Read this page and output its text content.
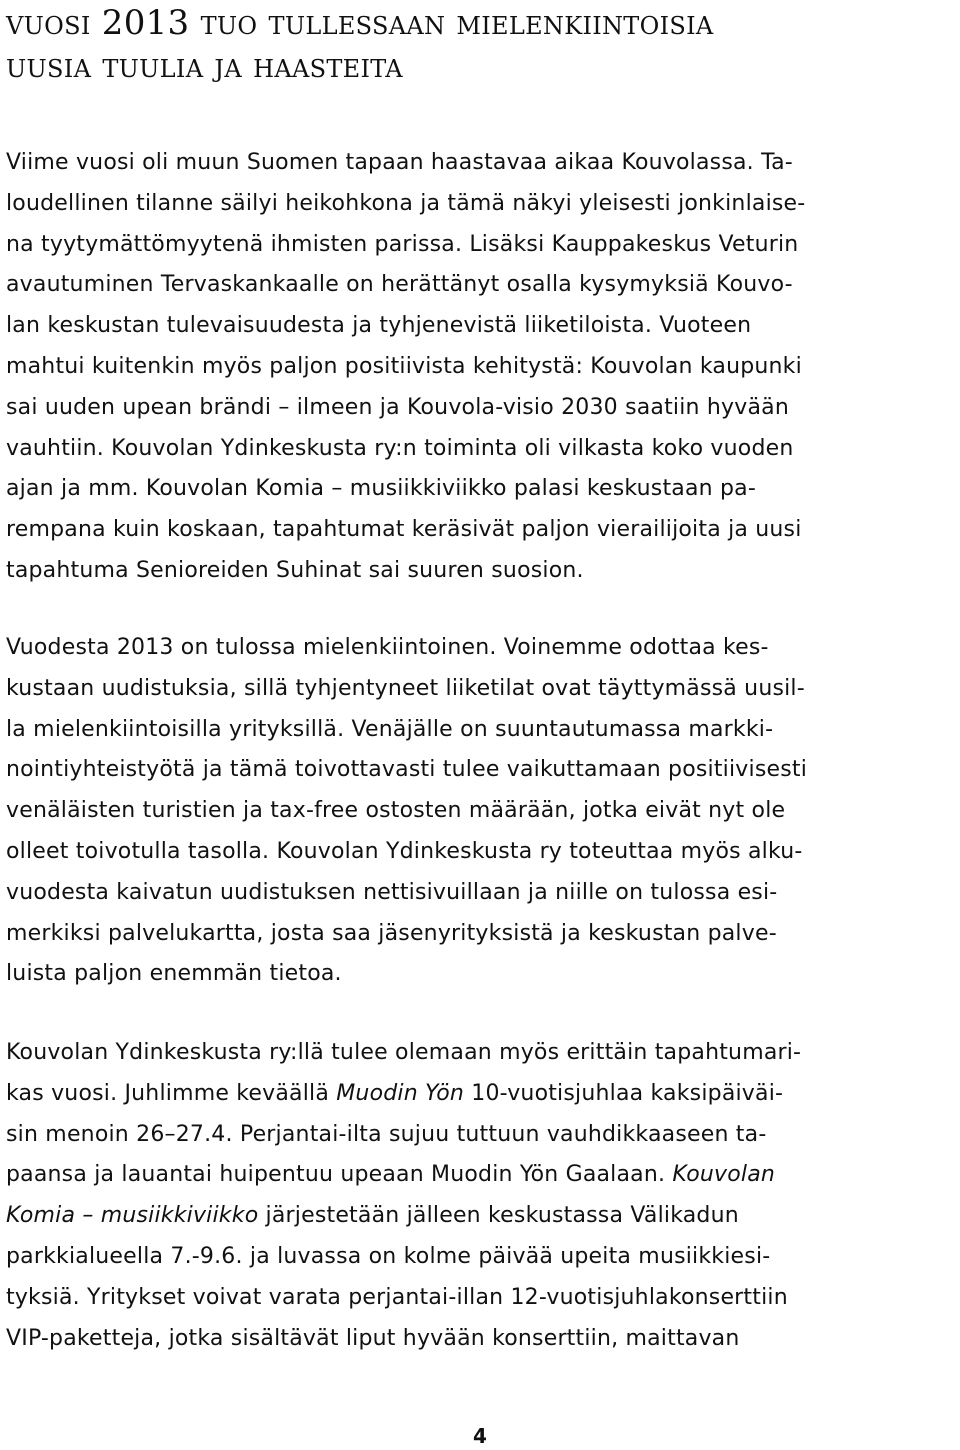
vuosi 2013 tuo tullessaan mielenkiintoisia
uusia tuulia ja haasteita
Viime vuosi oli muun Suomen tapaan haastavaa aikaa Kouvolassa. Ta-
loudellinen tilanne säilyi heikohkona ja tämä näkyi yleisesti jonkinlaise-
na tyytymättömyytenä ihmisten parissa. Lisäksi Kauppakeskus Veturin
avautuminen Tervaskankaalle on herättänyt osalla kysymyksiä Kouvo-
lan keskustan tulevaisuudesta ja tyhjenevistä liiketiloista. Vuoteen
mahtui kuitenkin myös paljon positiivista kehitystä: Kouvolan kaupunki
sai uuden upean brändi – ilmeen ja Kouvola-visio 2030 saatiin hyvään
vauhtiin. Kouvolan Ydinkeskusta ry:n toiminta oli vilkasta koko vuoden
ajan ja mm. Kouvolan Komia – musiikkiviikko palasi keskustaan pa-
rempana kuin koskaan, tapahtumat keräsivät paljon vierailijoita ja uusi
tapahtuma Senioreiden Suhinat sai suuren suosion.
Vuodesta 2013 on tulossa mielenkiintoinen. Voinemme odottaa kes-
kustaan uudistuksia, sillä tyhjentyneet liiketilat ovat täyttymässä uusil-
la mielenkiintoisilla yrityksillä. Venäjälle on suuntautumassa markki-
nointiyhteistyötä ja tämä toivottavasti tulee vaikuttamaan positiivisesti
venäläisten turistien ja tax-free ostosten määrään, jotka eivät nyt ole
olleet toivotulla tasolla. Kouvolan Ydinkeskusta ry toteuttaa myös alku-
vuodesta kaivatun uudistuksen nettisivuillaan ja niille on tulossa esi-
merkiksi palvelukartta, josta saa jäsenyrityksistä ja keskustan palve-
luista paljon enemmän tietoa.
Kouvolan Ydinkeskusta ry:llä tulee olemaan myös erittäin tapahtumari-
kas vuosi. Juhlimme keväällä Muodin Yön 10-vuotisjuhlaa kaksipäiväi-
sin menoin 26–27.4. Perjantai-ilta sujuu tuttuun vauhdikkaaseen ta-
paansa ja lauantai huipentuu upeaan Muodin Yön Gaalaan. Kouvolan
Komia – musiikkiviikko järjestetään jälleen keskustassa Välikadun
parkkialueella 7.-9.6. ja luvassa on kolme päivää upeita musiikkiesi-
tyksiä. Yritykset voivat varata perjantai-illan 12-vuotisjuhlakonserttiin
VIP-paketteja, jotka sisältävät liput hyvään konserttiin, maittavan
4
